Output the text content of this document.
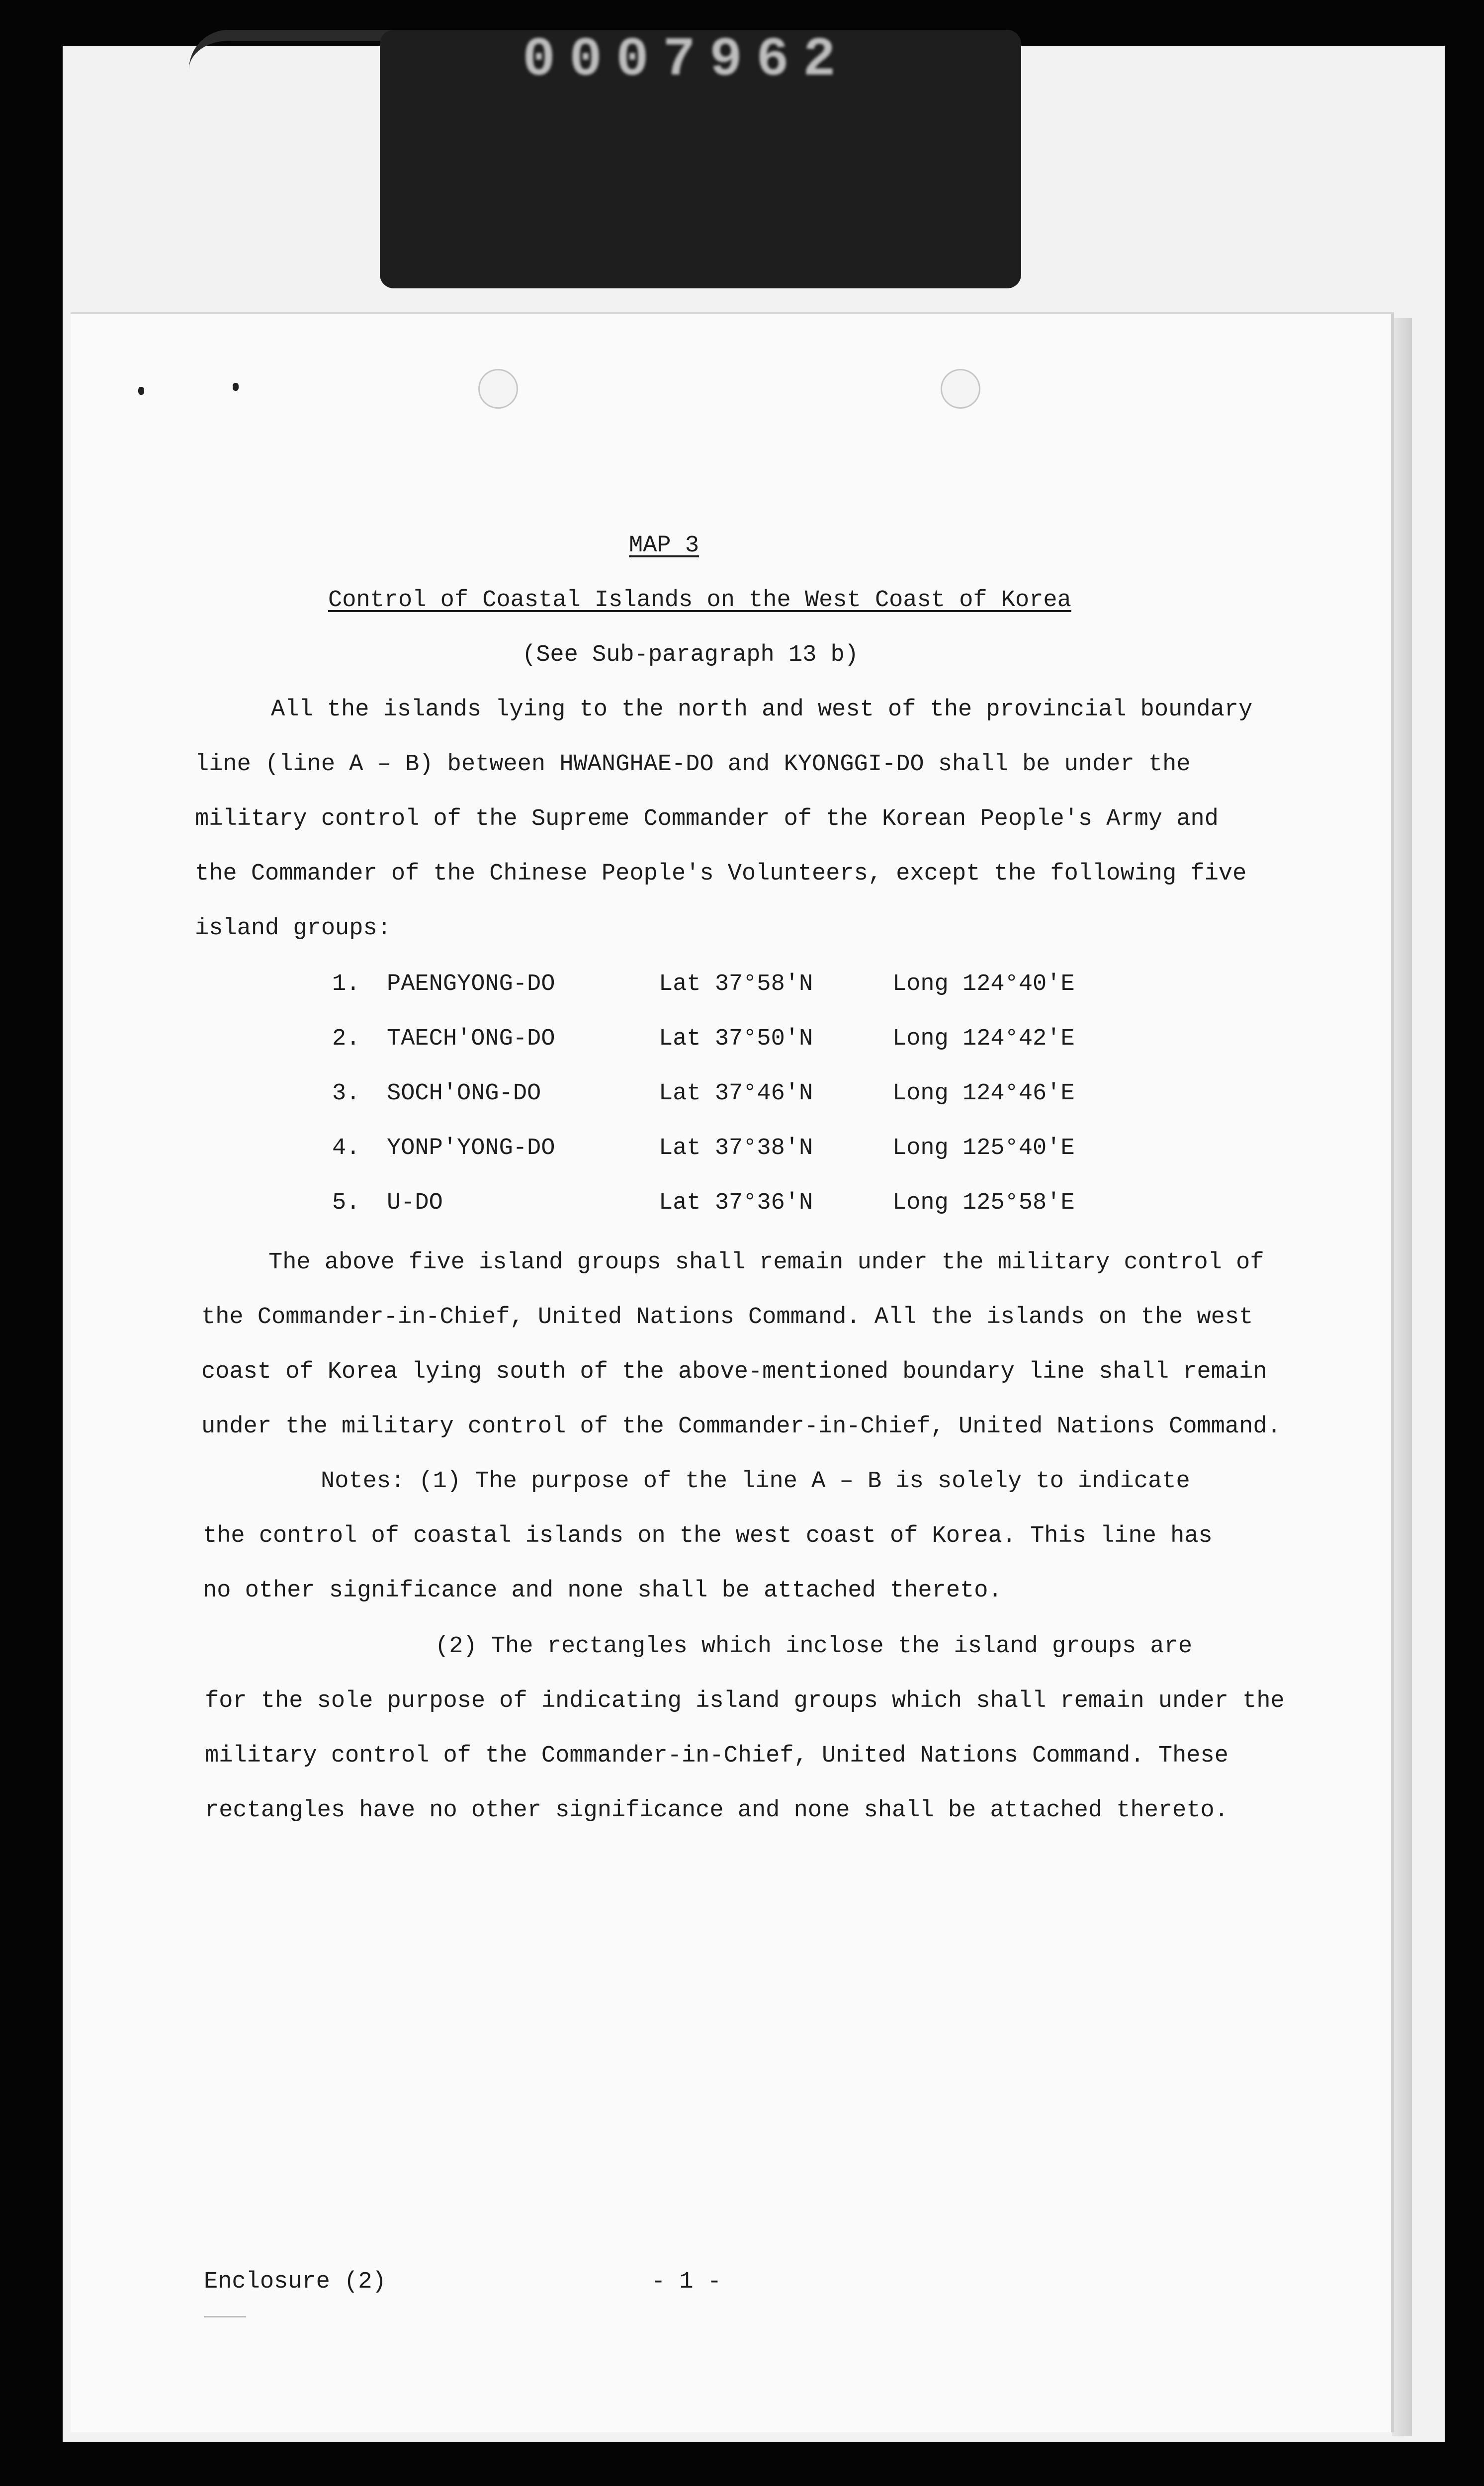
0007962
MAP 3
Control of Coastal Islands on the West Coast of Korea
(See Sub-paragraph 13 b)
All the islands lying to the north and west of the provincial boundary
line (line A – B) between HWANGHAE-DO and KYONGGI-DO shall be under the
military control of the Supreme Commander of the Korean People's Army and
the Commander of the Chinese People's Volunteers, except the following five
island groups:
1. PAENGYONG-DO	Lat 37°58'N	Long 124°40'E
2. TAECH'ONG-DO	Lat 37°50'N	Long 124°42'E
3. SOCH'ONG-DO	Lat 37°46'N	Long 124°46'E
4. YONP'YONG-DO	Lat 37°38'N	Long 125°40'E
5. U-DO	Lat 37°36'N	Long 125°58'E
The above five island groups shall remain under the military control of
the Commander-in-Chief, United Nations Command. All the islands on the west
coast of Korea lying south of the above-mentioned boundary line shall remain
under the military control of the Commander-in-Chief, United Nations Command.
Notes: (1) The purpose of the line A – B is solely to indicate
the control of coastal islands on the west coast of Korea. This line has
no other significance and none shall be attached thereto.
(2) The rectangles which inclose the island groups are
for the sole purpose of indicating island groups which shall remain under the
military control of the Commander-in-Chief, United Nations Command. These
rectangles have no other significance and none shall be attached thereto.
Enclosure (2)	- 1 -
